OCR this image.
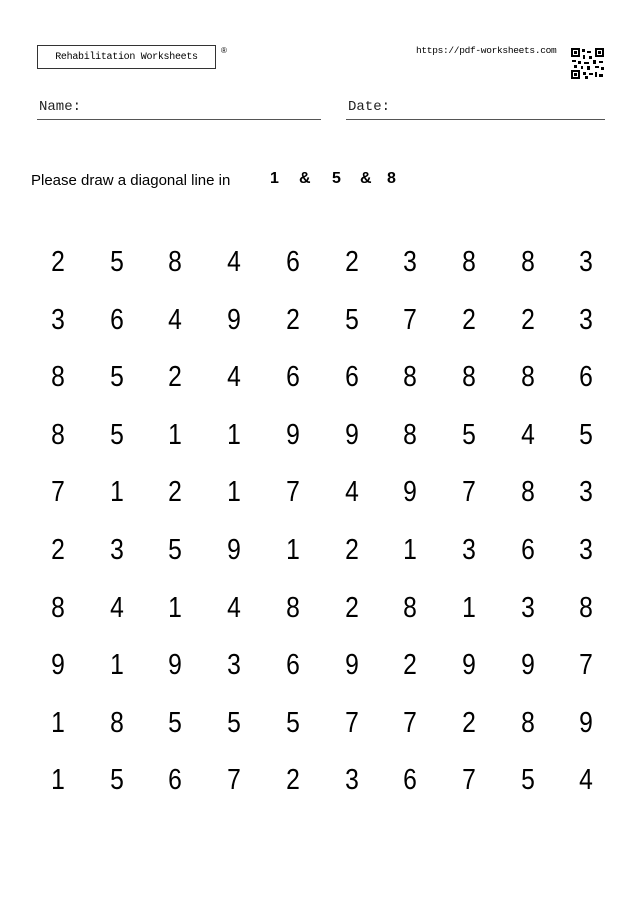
Rehabilitation Worksheets
®	https://pdf-worksheets.com
Name:	Date:
Please draw a diagonal line in 1 & 5 & 8
2	5	8	4	6	2	3	8	8	3
3	6	4	9	2	5	7	2	2	3
8	5	2	4	6	6	8	8	8	6
8	5	1	1	9	9	8	5	4	5
7	1	2	1	7	4	9	7	8	3
2	3	5	9	1	2	1	3	6	3
8	4	1	4	8	2	8	1	3	8
9	1	9	3	6	9	2	9	9	7
1	8	5	5	5	7	7	2	8	9
1	5	6	7	2	3	6	7	5	4
